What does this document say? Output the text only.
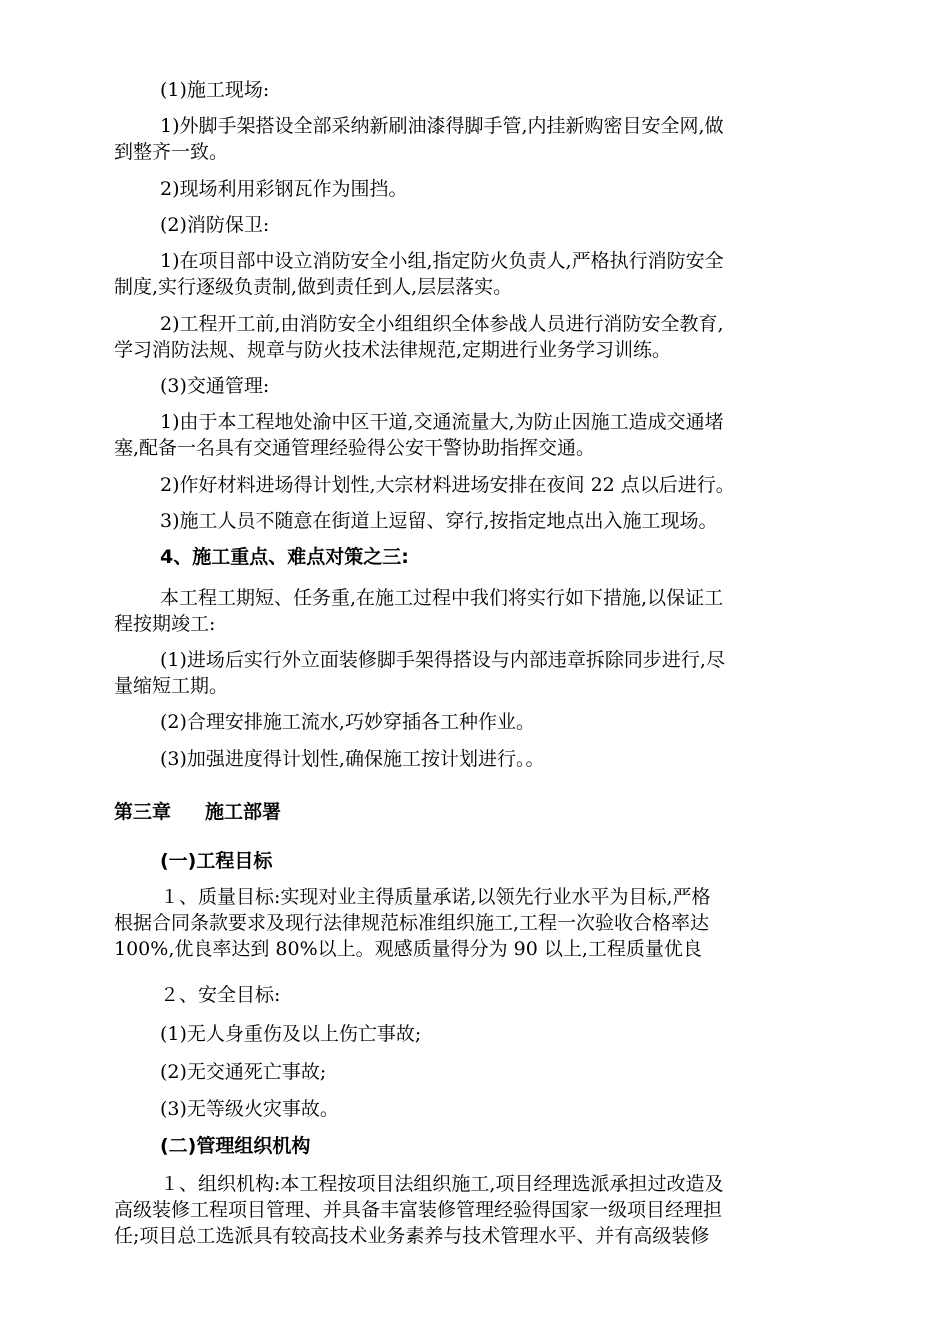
(1)施工现场:
1)外脚手架搭设全部采纳新刷油漆得脚手管,内挂新购密目安全网,做
到整齐一致。
2)现场利用彩钢瓦作为围挡。
(2)消防保卫:
1)在项目部中设立消防安全小组,指定防火负责人,严格执行消防安全
制度,实行逐级负责制,做到责任到人,层层落实。
2)工程开工前,由消防安全小组组织全体参战人员进行消防安全教育,
学习消防法规、规章与防火技术法律规范,定期进行业务学习训练。
(3)交通管理:
1)由于本工程地处渝中区干道,交通流量大,为防止因施工造成交通堵
塞,配备一名具有交通管理经验得公安干警协助指挥交通。
2)作好材料进场得计划性,大宗材料进场安排在夜间 22 点以后进行。
3)施工人员不随意在街道上逗留、穿行,按指定地点出入施工现场。
4、施工重点、难点对策之三:
本工程工期短、任务重,在施工过程中我们将实行如下措施,以保证工
程按期竣工:
(1)进场后实行外立面装修脚手架得搭设与内部违章拆除同步进行,尽
量缩短工期。
(2)合理安排施工流水,巧妙穿插各工种作业。
(3)加强进度得计划性,确保施工按计划进行。。
第三章 施工部署
(一)工程目标
１、质量目标:实现对业主得质量承诺,以领先行业水平为目标,严格
根据合同条款要求及现行法律规范标准组织施工,工程一次验收合格率达
100%,优良率达到 80%以上。观感质量得分为 90 以上,工程质量优良
２、安全目标:
(1)无人身重伤及以上伤亡事故;
(2)无交通死亡事故;
(3)无等级火灾事故。
(二)管理组织机构
１、组织机构:本工程按项目法组织施工,项目经理选派承担过改造及
高级装修工程项目管理、并具备丰富装修管理经验得国家一级项目经理担
任;项目总工选派具有较高技术业务素养与技术管理水平、并有高级装修
